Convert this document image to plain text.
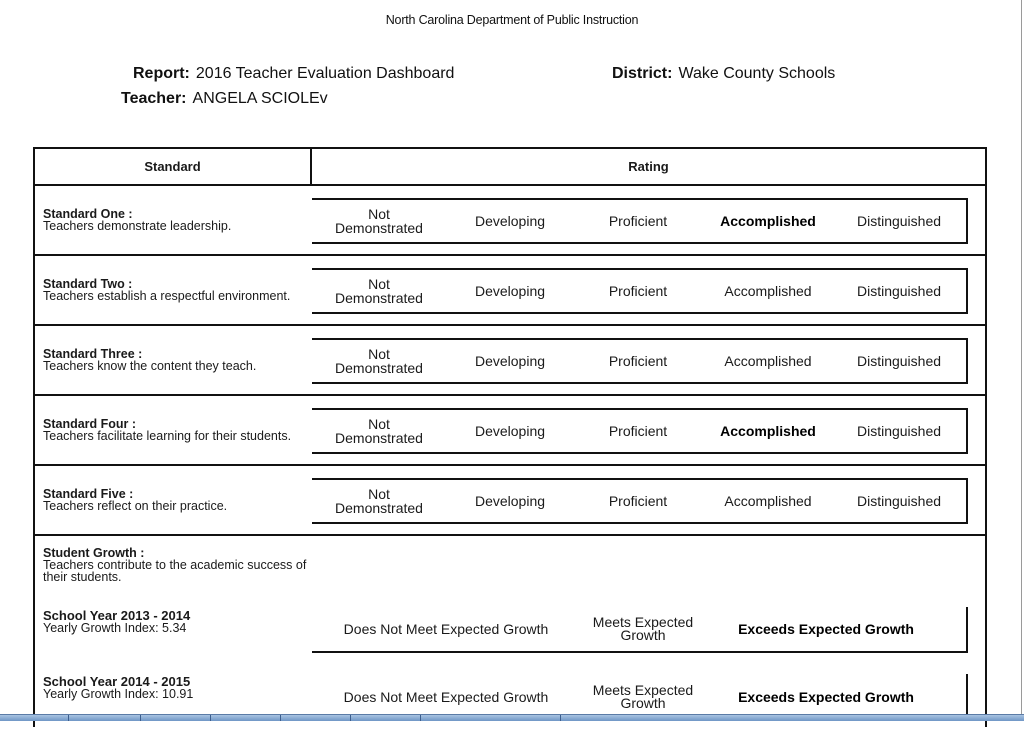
North Carolina Department of Public Instruction
Report: 2016 Teacher Evaluation Dashboard	District: Wake County Schools
Teacher: ANGELA SCIOLEv
Standard	Rating
Standard One :
Teachers demonstrate leadership.
Not
Demonstrated	Developing	Proficient	Accomplished	Distinguished
Standard Two :
Teachers establish a respectful environment.
Not
Demonstrated	Developing	Proficient	Accomplished	Distinguished
Standard Three :
Teachers know the content they teach.
Not
Demonstrated	Developing	Proficient	Accomplished	Distinguished
Standard Four :
Teachers facilitate learning for their students.
Not
Demonstrated	Developing	Proficient	Accomplished	Distinguished
Standard Five :
Teachers reflect on their practice.
Not
Demonstrated	Developing	Proficient	Accomplished	Distinguished
Student Growth :
Teachers contribute to the academic success of their students.
School Year 2013 - 2014
Yearly Growth Index: 5.34	Does Not Meet Expected Growth	Meets Expected
Growth	Exceeds Expected Growth
School Year 2014 - 2015
Yearly Growth Index: 10.91	Does Not Meet Expected Growth	Meets Expected
Growth	Exceeds Expected Growth
